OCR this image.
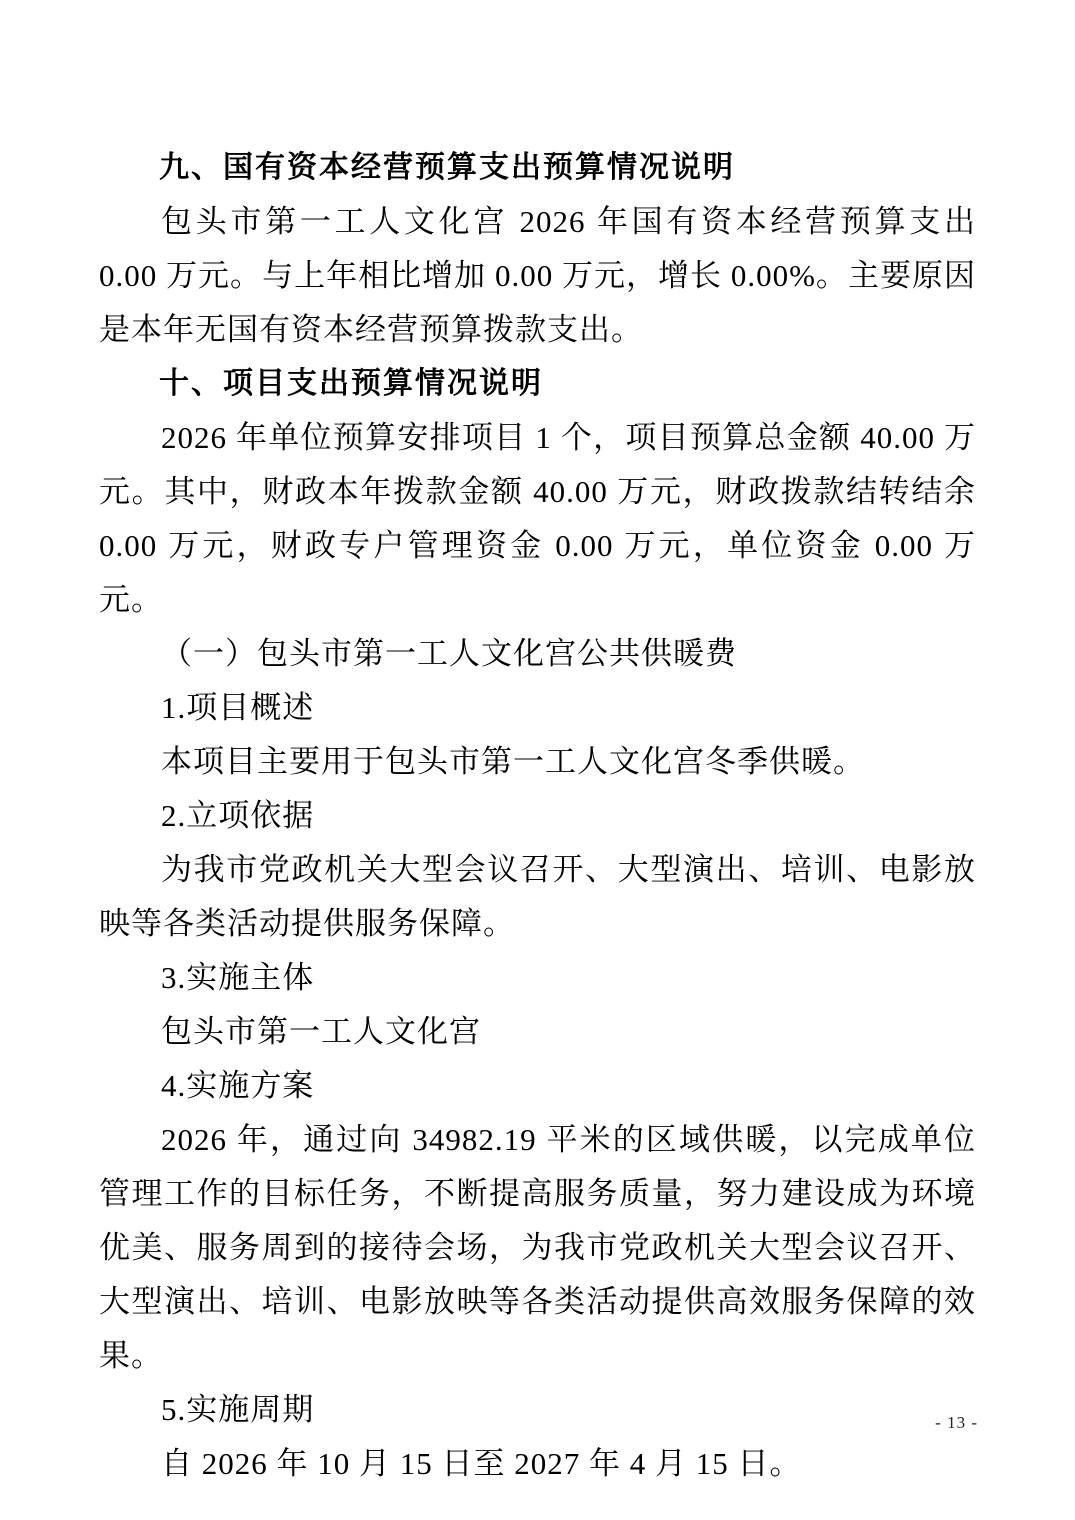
九、国有资本经营预算支出预算情况说明

包头市第一工人文化宫 2026 年国有资本经营预算支出 0.00 万元。与上年相比增加 0.00 万元，增长 0.00%。主要原因是本年无国有资本经营预算拨款支出。

十、项目支出预算情况说明

2026 年单位预算安排项目 1 个，项目预算总金额 40.00 万元。其中，财政本年拨款金额 40.00 万元，财政拨款结转结余 0.00 万元，财政专户管理资金 0.00 万元，单位资金 0.00 万元。

（一）包头市第一工人文化宫公共供暖费

1.项目概述

本项目主要用于包头市第一工人文化宫冬季供暖。

2.立项依据

为我市党政机关大型会议召开、大型演出、培训、电影放映等各类活动提供服务保障。

3.实施主体

包头市第一工人文化宫

4.实施方案

2026 年，通过向 34982.19 平米的区域供暖，以完成单位管理工作的目标任务，不断提高服务质量，努力建设成为环境优美、服务周到的接待会场，为我市党政机关大型会议召开、大型演出、培训、电影放映等各类活动提供高效服务保障的效果。

5.实施周期

自 2026 年 10 月 15 日至 2027 年 4 月 15 日。

- 13 -
